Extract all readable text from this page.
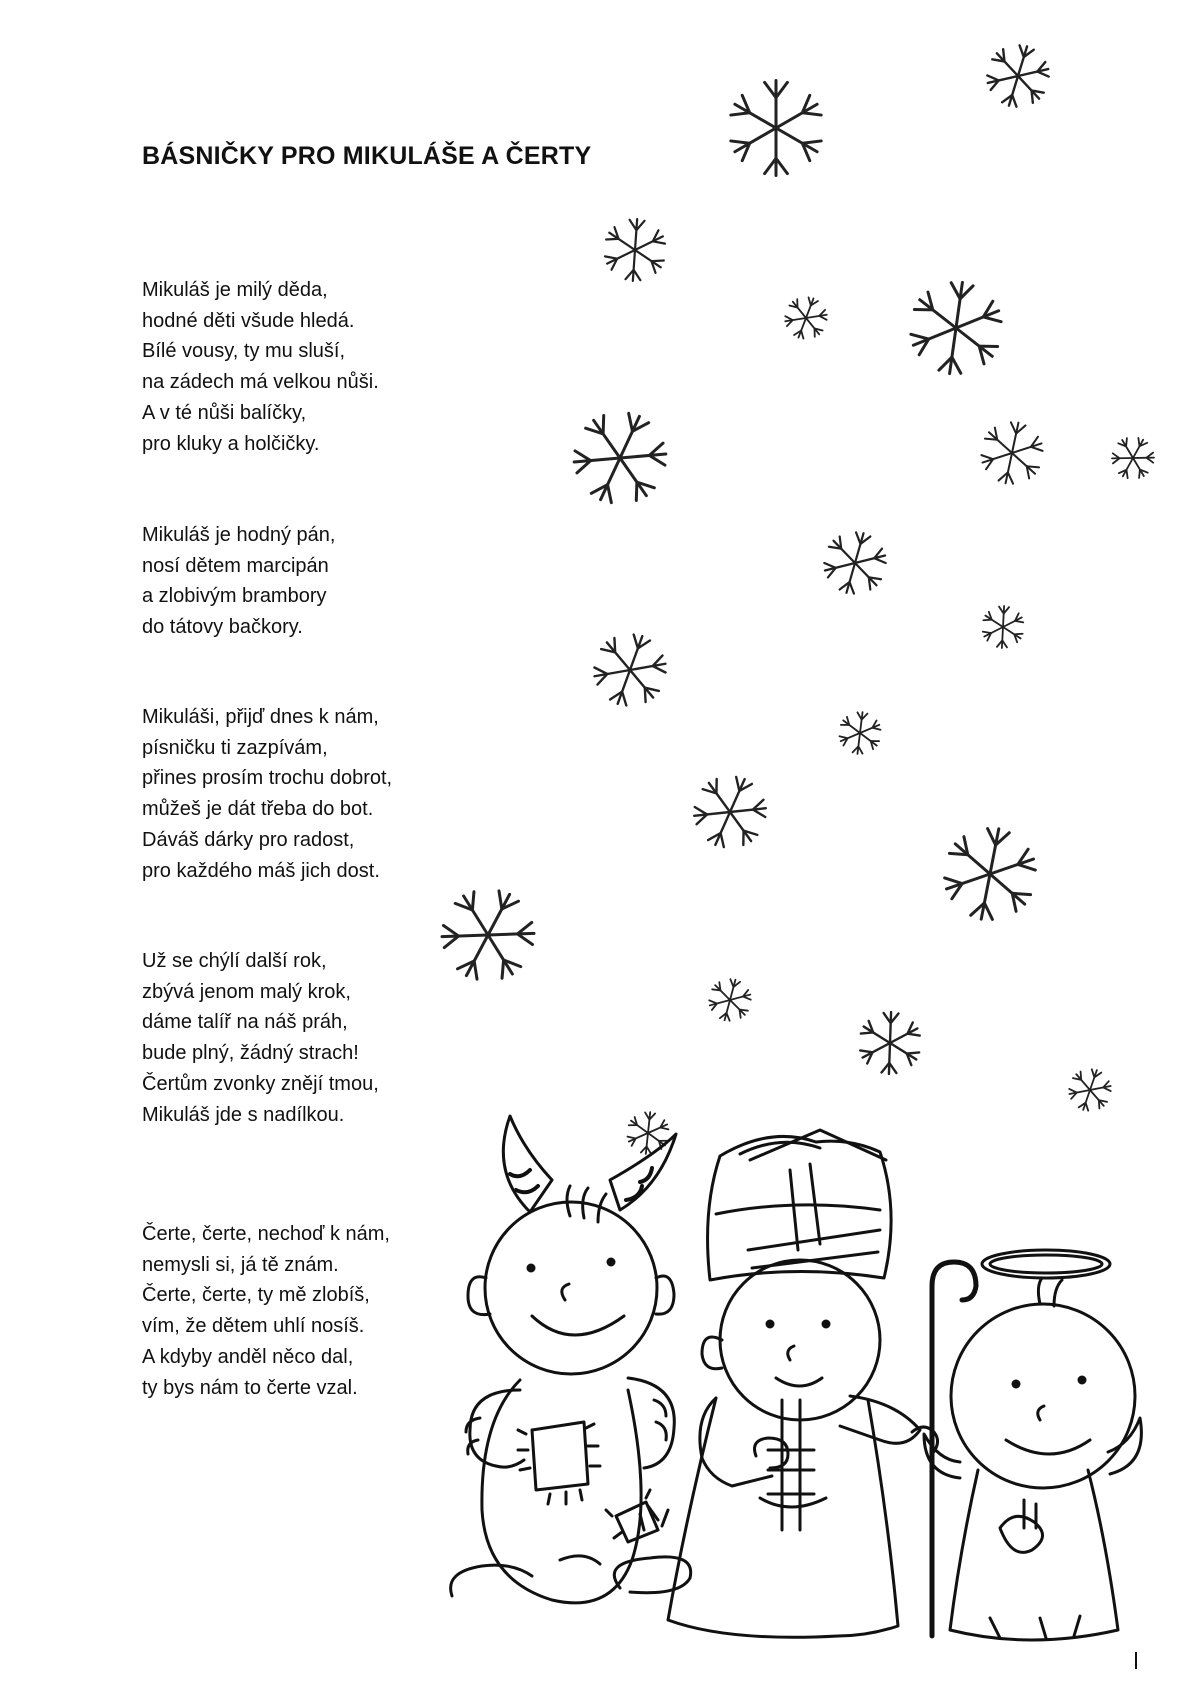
BÁSNIČKY PRO MIKULÁŠE A ČERTY
Mikuláš je milý děda,
hodné děti všude hledá.
Bílé vousy, ty mu sluší,
na zádech má velkou nůši.
A v té nůši balíčky,
pro kluky a holčičky.
Mikuláš je hodný pán,
nosí dětem marcipán
a zlobivým brambory
do tátovy bačkory.
Mikuláši, přijď dnes k nám,
písničku ti zazpívám,
přines prosím trochu dobrot,
můžeš je dát třeba do bot.
Dáváš dárky pro radost,
pro každého máš jich dost.
Už se chýlí další rok,
zbývá jenom malý krok,
dáme talíř na náš práh,
bude plný, žádný strach!
Čertům zvonky znějí tmou,
Mikuláš jde s nadílkou.
Čerte, čerte, nechoď k nám,
nemysli si, já tě znám.
Čerte, čerte, ty mě zlobíš,
vím, že dětem uhlí nosíš.
A kdyby anděl něco dal,
ty bys nám to čerte vzal.
